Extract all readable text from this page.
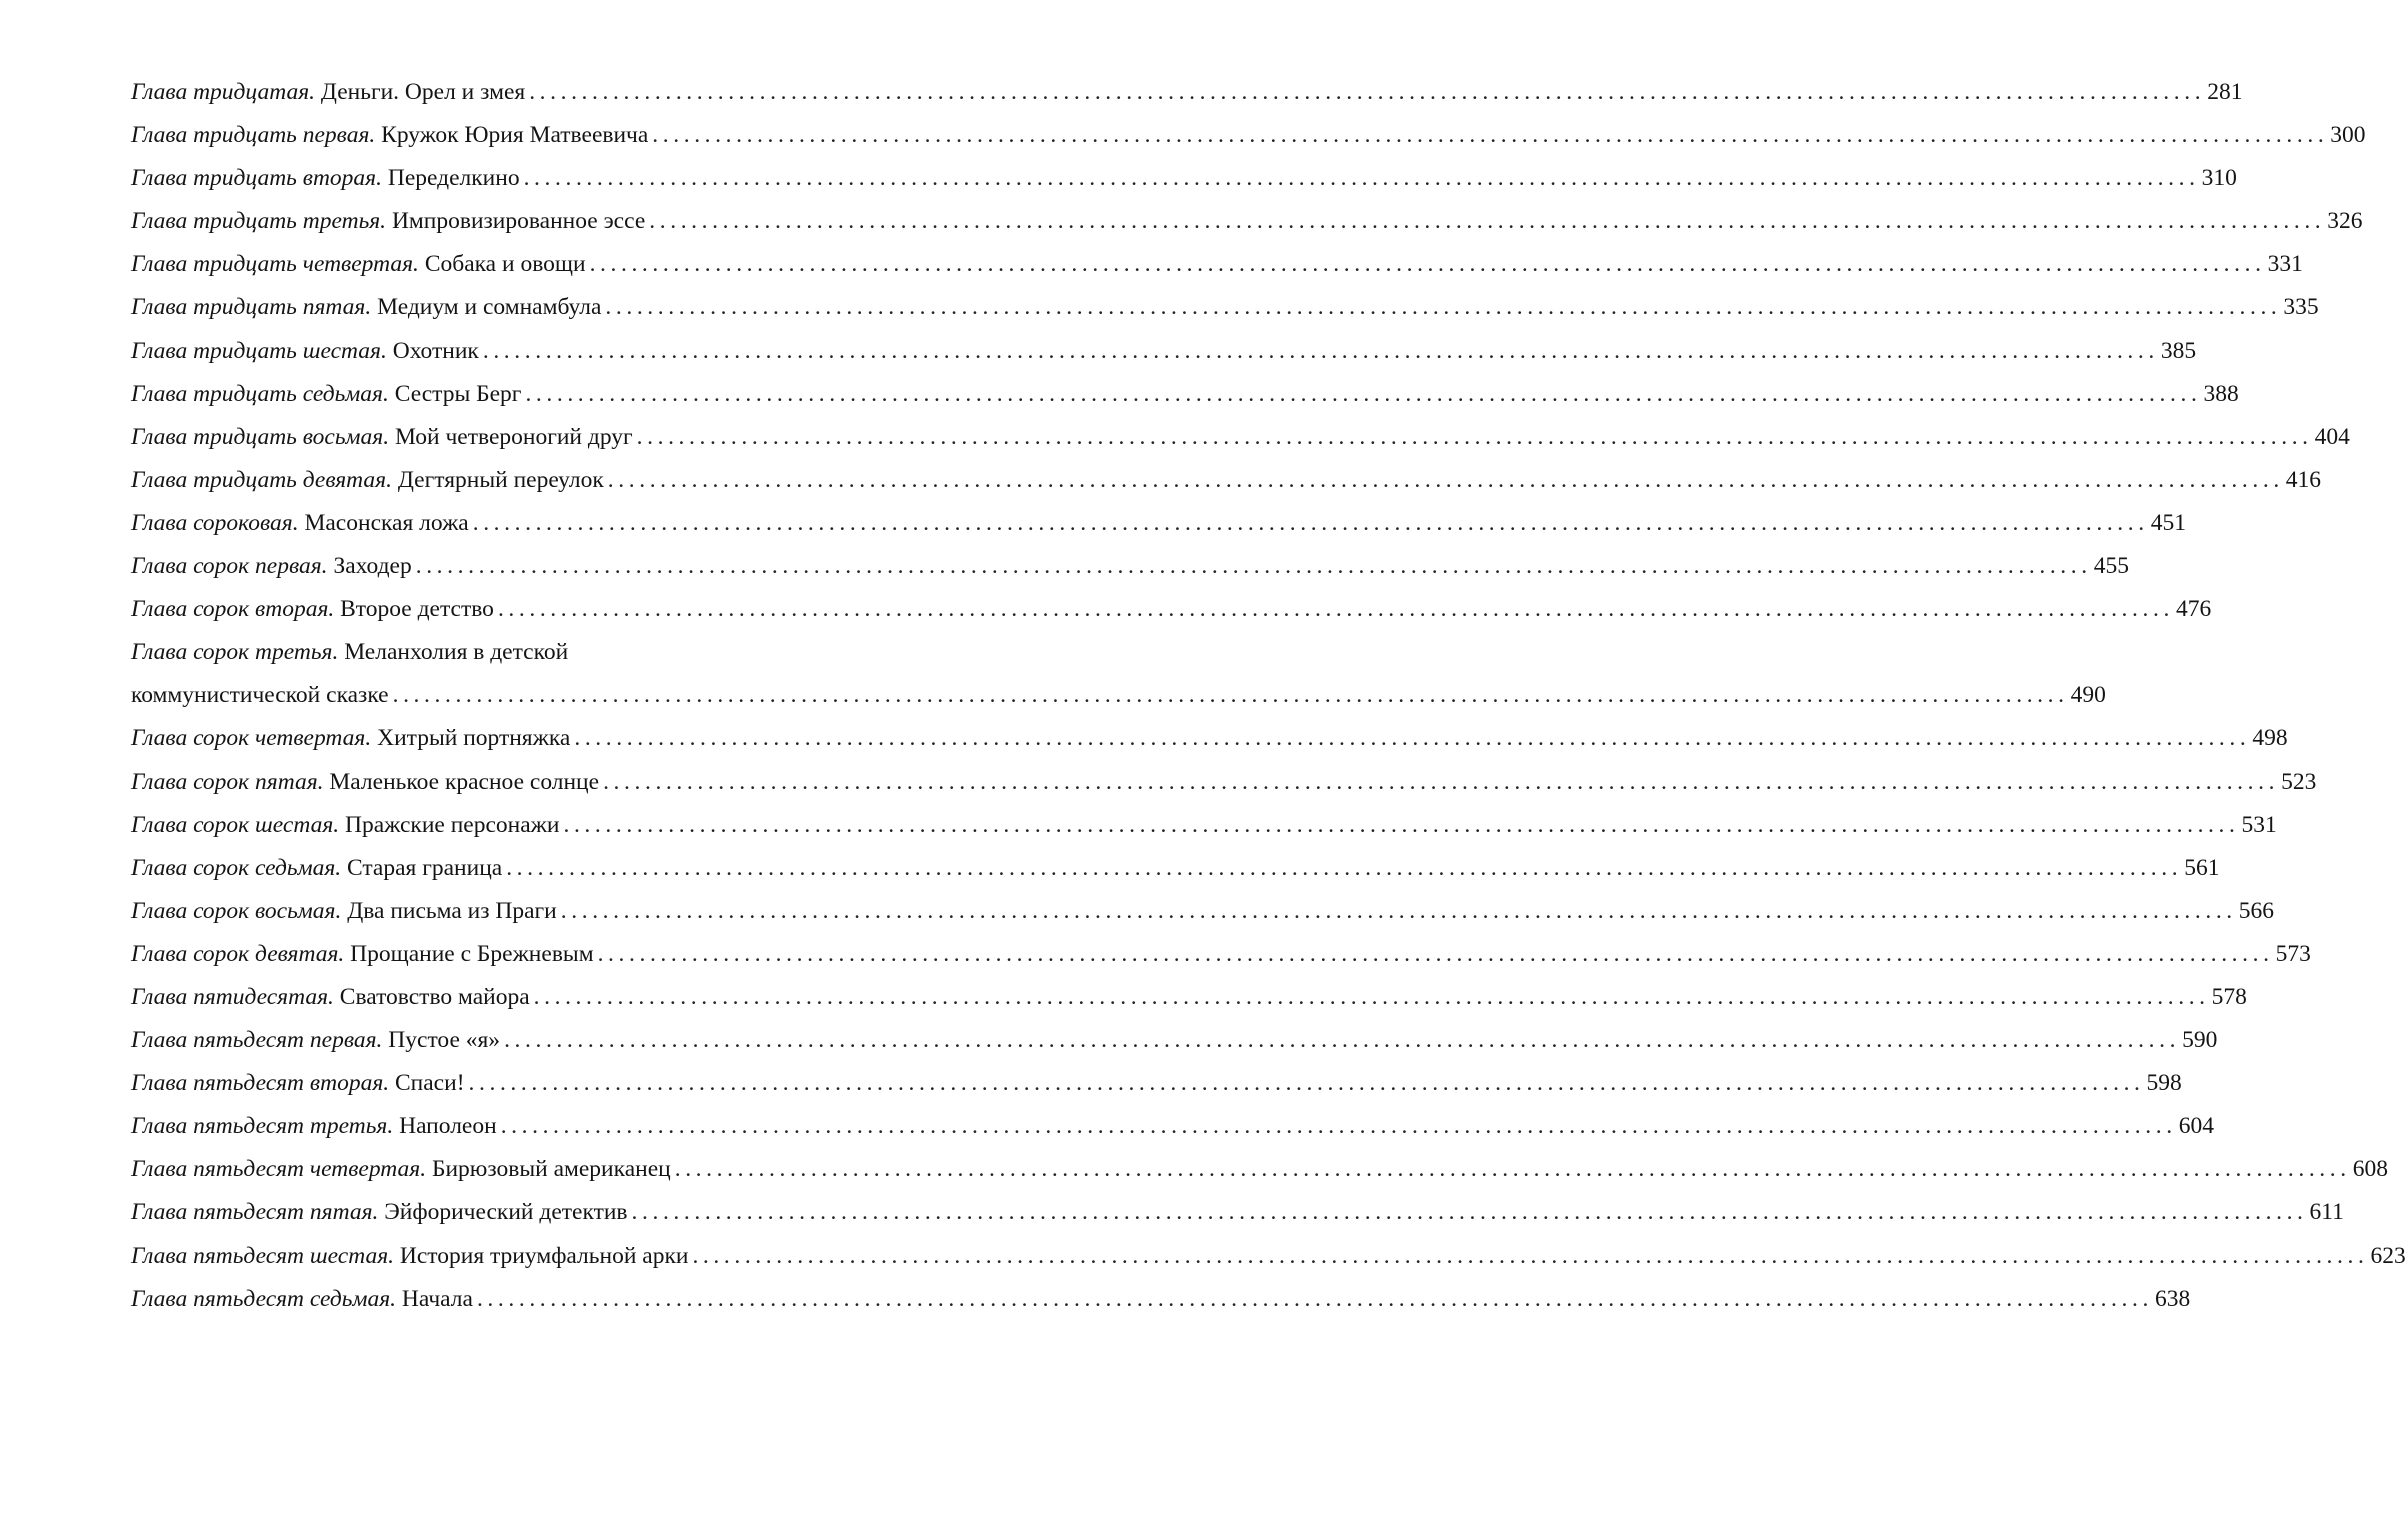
Глава тридцатая.
Деньги. Орел и змея ................................................................................................................................................................ 281
Глава тридцать первая.
Кружок Юрия Матвеевича ................................................................................................................................................................ 300
Глава тридцать вторая.
Переделкино ................................................................................................................................................................ 310
Глава тридцать третья.
Импровизированное эссе ................................................................................................................................................................ 326
Глава тридцать четвертая.
Собака и овощи ................................................................................................................................................................ 331
Глава тридцать пятая.
Медиум и сомнамбула ................................................................................................................................................................ 335
Глава тридцать шестая.
Охотник ................................................................................................................................................................ 385
Глава тридцать седьмая.
Сестры Берг ................................................................................................................................................................ 388
Глава тридцать восьмая.
Мой четвероногий друг ................................................................................................................................................................ 404
Глава тридцать девятая.
Дегтярный переулок ................................................................................................................................................................ 416
Глава сороковая.
Масонская ложа ................................................................................................................................................................ 451
Глава сорок первая.
Заходер ................................................................................................................................................................ 455
Глава сорок вторая.
Второе детство ................................................................................................................................................................ 476
Глава сорок третья.
Меланхолия в детской
коммунистической сказке ................................................................................................................................................................ 490
Глава сорок четвертая.
Хитрый портняжка ................................................................................................................................................................ 498
Глава сорок пятая.
Маленькое красное солнце ................................................................................................................................................................ 523
Глава сорок шестая.
Пражские персонажи ................................................................................................................................................................ 531
Глава сорок седьмая.
Старая граница ................................................................................................................................................................ 561
Глава сорок восьмая.
Два письма из Праги ................................................................................................................................................................ 566
Глава сорок девятая.
Прощание с Брежневым ................................................................................................................................................................ 573
Глава пятидесятая.
Сватовство майора ................................................................................................................................................................ 578
Глава пятьдесят первая.
Пустое «я» ................................................................................................................................................................ 590
Глава пятьдесят вторая.
Спаси! ................................................................................................................................................................ 598
Глава пятьдесят третья.
Наполеон ................................................................................................................................................................ 604
Глава пятьдесят четвертая.
Бирюзовый американец ................................................................................................................................................................ 608
Глава пятьдесят пятая.
Эйфорический детектив ................................................................................................................................................................ 611
Глава пятьдесят шестая.
История триумфальной арки ................................................................................................................................................................ 623
Глава пятьдесят седьмая.
Начала ................................................................................................................................................................ 638
